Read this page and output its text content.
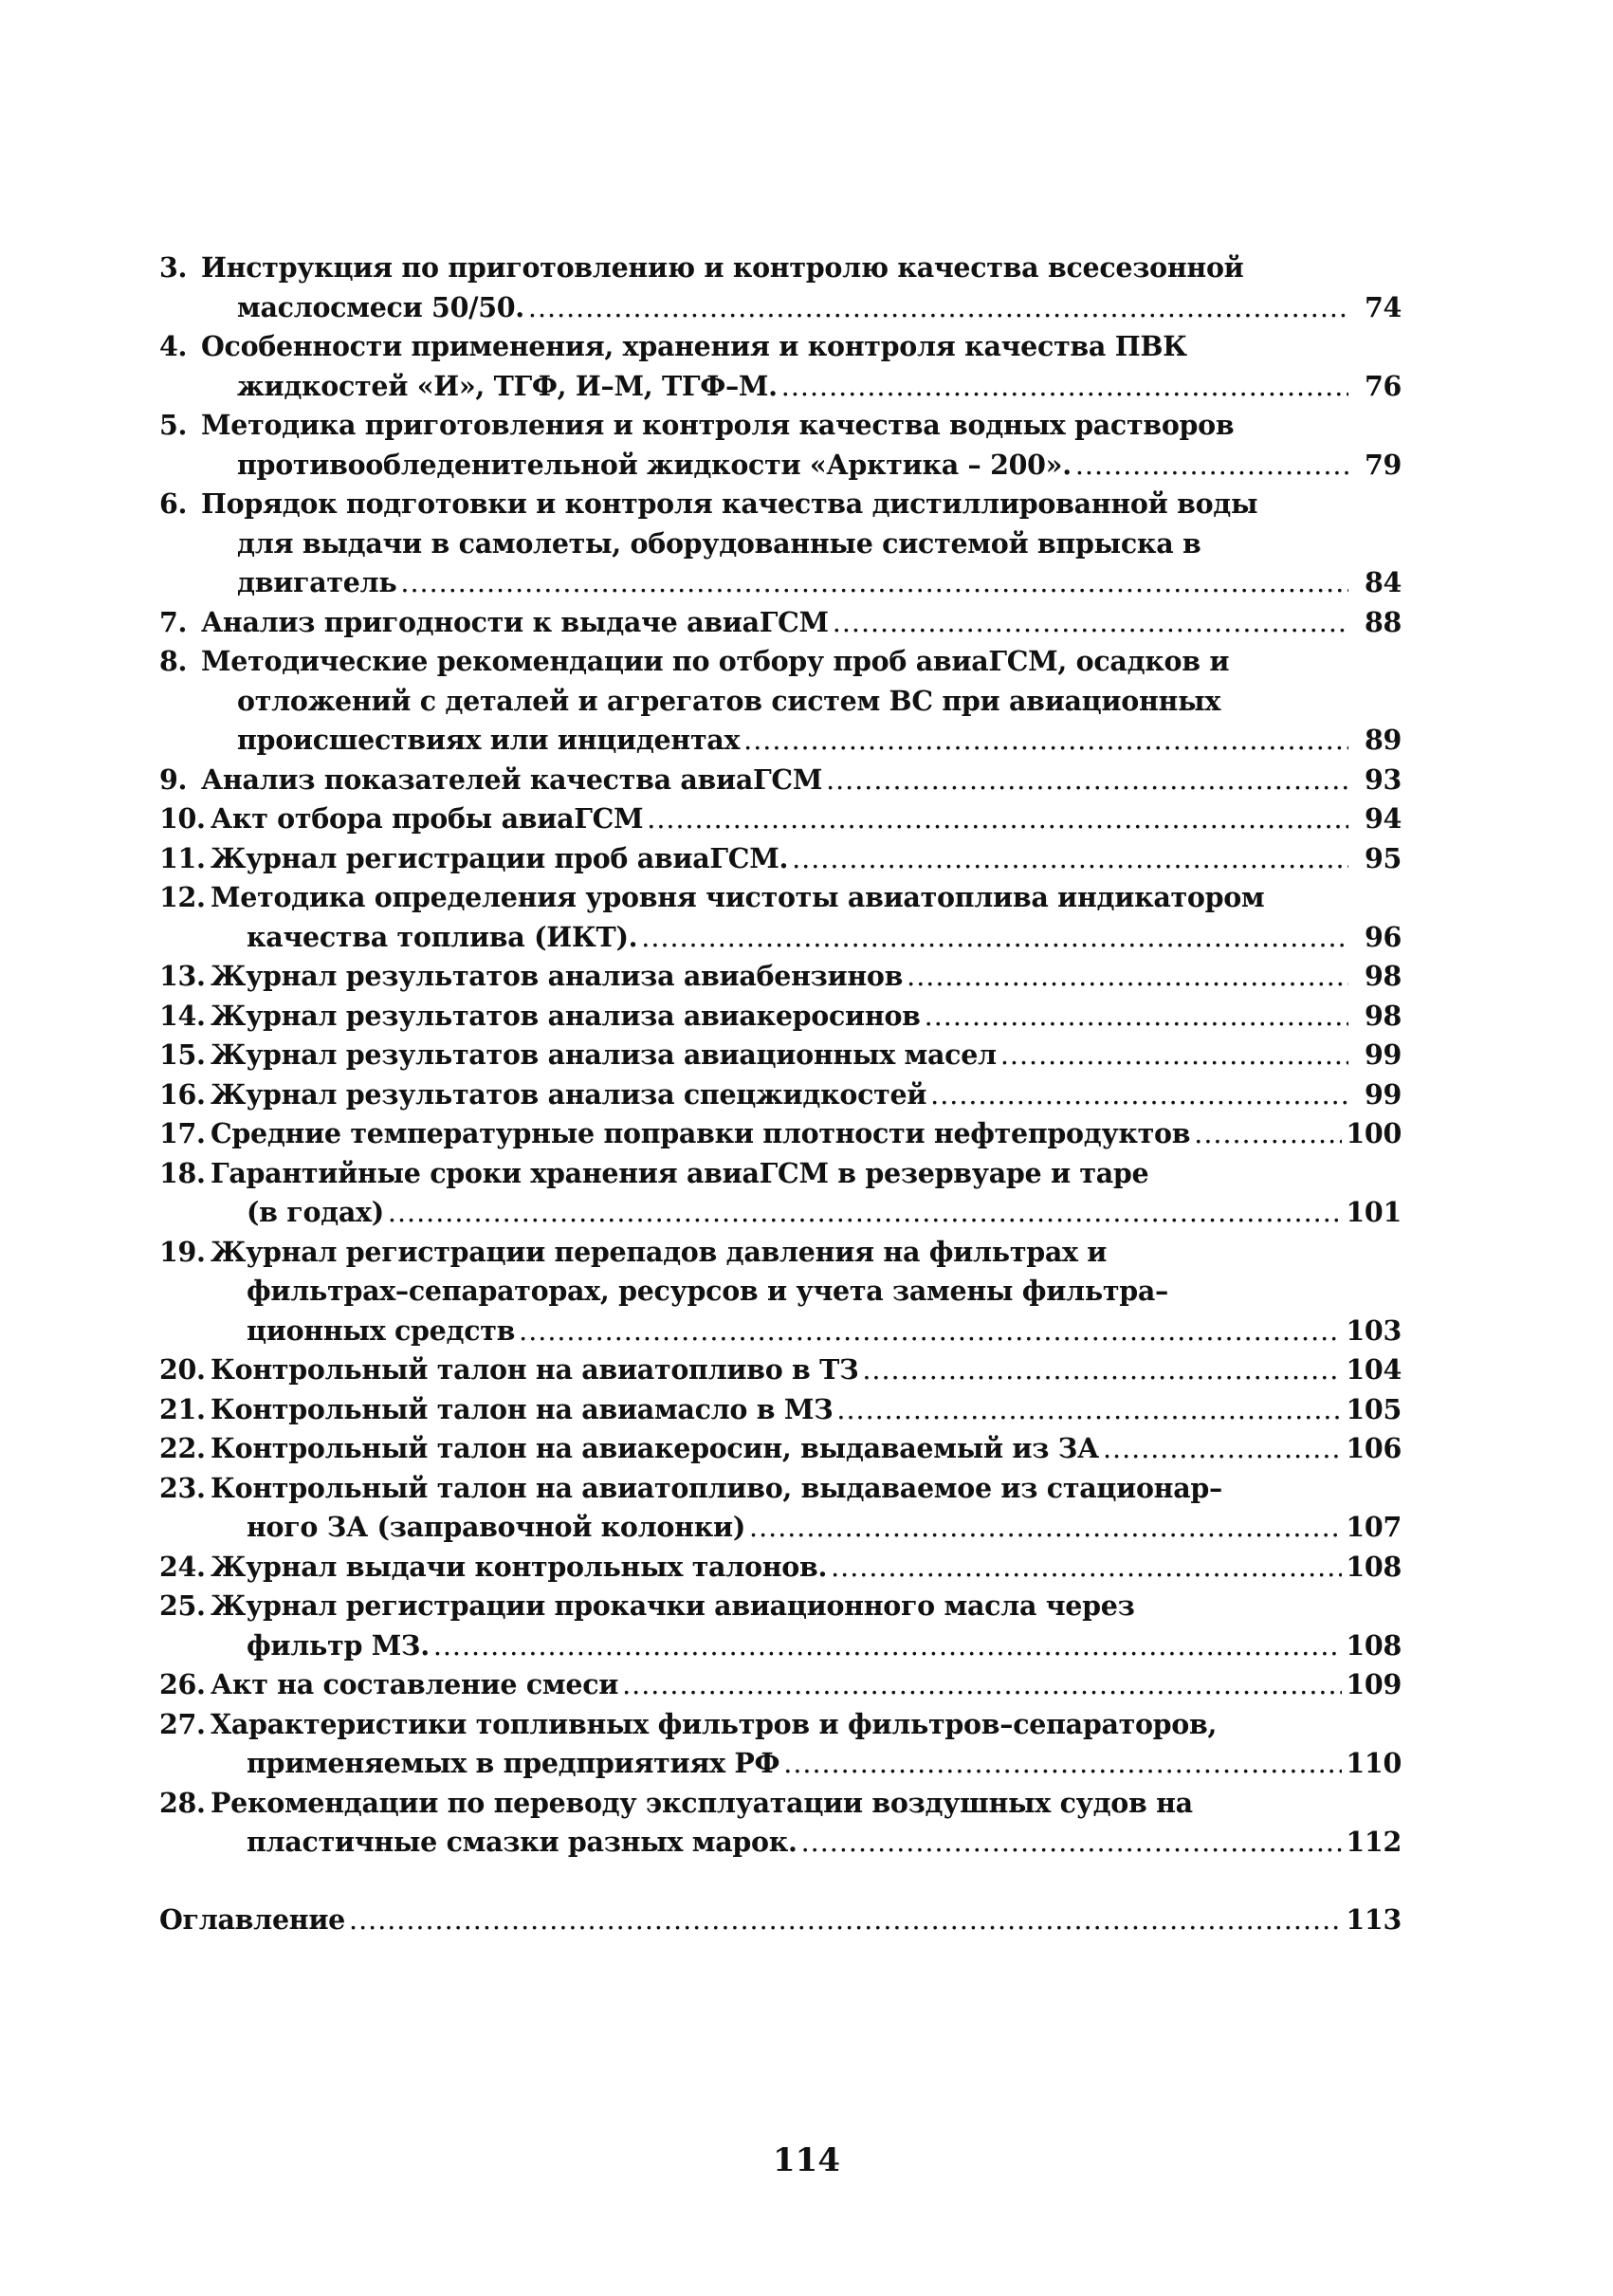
3. Инструкция по приготовлению и контролю качества всесезонной
маслосмеси 50/50. .....	74
4. Особенности применения, хранения и контроля качества ПВК
жидкостей «И», ТГФ, И–М, ТГФ–М. .....	76
5. Методика приготовления и контроля качества водных растворов
противообледенительной жидкости «Арктика – 200». .....	79
6. Порядок подготовки и контроля качества дистиллированной воды
для выдачи в самолеты, оборудованные системой впрыска в
двигатель .....	84
7. Анализ пригодности к выдаче авиаГСМ .....	88
8. Методические рекомендации по отбору проб авиаГСМ, осадков и
отложений с деталей и агрегатов систем ВС при авиационных
происшествиях или инцидентах .....	89
9. Анализ показателей качества авиаГСМ .....	93
10. Акт отбора пробы авиаГСМ .....	94
11. Журнал регистрации проб авиаГСМ. .....	95
12. Методика определения уровня чистоты авиатоплива индикатором
качества топлива (ИКТ). .....	96
13. Журнал результатов анализа авиабензинов .....	98
14. Журнал результатов анализа авиакеросинов .....	98
15. Журнал результатов анализа авиационных масел .....	99
16. Журнал результатов анализа спецжидкостей .....	99
17. Средние температурные поправки плотности нефтепродуктов .....	100
18. Гарантийные сроки хранения авиаГСМ в резервуаре и таре
(в годах) .....	101
19. Журнал регистрации перепадов давления на фильтрах и
фильтрах–сепараторах, ресурсов и учета замены фильтра–
ционных средств .....	103
20. Контрольный талон на авиатопливо в ТЗ .....	104
21. Контрольный талон на авиамасло в МЗ .....	105
22. Контрольный талон на авиакеросин, выдаваемый из ЗА .....	106
23. Контрольный талон на авиатопливо, выдаваемое из стационар–
ного ЗА (заправочной колонки) .....	107
24. Журнал выдачи контрольных талонов. .....	108
25. Журнал регистрации прокачки авиационного масла через
фильтр МЗ. .....	108
26. Акт на составление смеси .....	109
27. Характеристики топливных фильтров и фильтров–сепараторов,
применяемых в предприятиях РФ .....	110
28. Рекомендации по переводу эксплуатации воздушных судов на
пластичные смазки разных марок. .....	112
Оглавление .....	113
114
